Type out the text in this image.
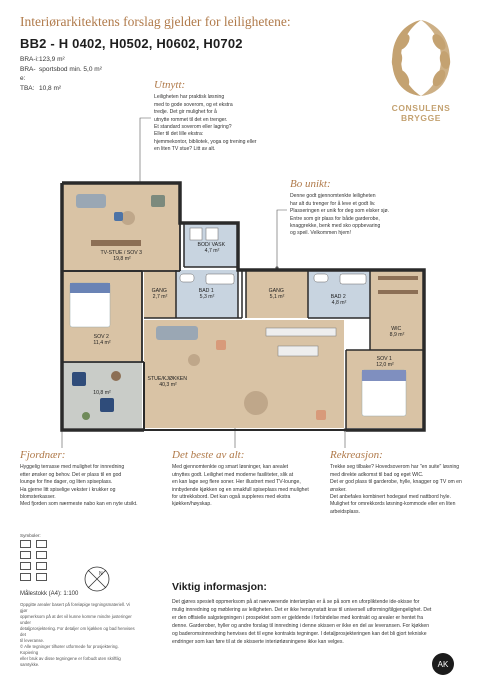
Interiørarkitektens forslag gjelder for leilighetene:
BB2 - H 0402, H0502, H0602, H0702
BRA-i: 123,9 m²
BRA-e:
sportsbod min. 5,0 m²
TBA: 10,8 m²
CONSULENS
BRYGGE
Utnytt:
Leiligheten har praktisk løsning
med to gode soverom, og et ekstra
tredje. Det gir mulighet for å
utnytte rommet til det en trenger.
Et standard soverom eller lagring?
Eller til det lille ekstra:
hjemmekontor, bibliotek, yoga og trening eller
en liten TV stue? Litt av alt.
Bo unikt:
Denne godt gjennomtenkte leiligheten
har alt du trenger for å leve et godt liv.
Plasseringen er unik for deg som elsker sjø.
Entre som gir plass for både garderobe,
knaggrekke, benk med sko oppbevaring
og speil. Velkommen hjem!
Fjordnær:
Hyggelig terrasse med mulighet for innredning
etter ønsker og behov. Det er plass til en god
lounge for fine dager, og liten spiseplass.
Ha gjerne litt spiselige vekster i krukker og blomsterkasser.
Med fjorden som nærmeste nabo kan en nyte utsikt.
Det beste av alt:
Med gjennomtenkte og smart løsninger, kan arealet
utnyttes godt. Leilighet med moderne fasiliteter, slik at
en kan lage seg flere soner. Her illustrert med TV-lounge,
innbydende kjøkken og en smakfull spiseplass med mulighet
for uttrekksbord. Det kan også suppleres med ekstra
kjøkken/høyskap.
Rekreasjon:
Trekke seg tilbake? Hovedsoverom har "en suite" løsning
med direkte adkomst til bad og eget WIC.
Det er god plass til garderobe, hylle, knagger og TV om en ønsker.
Det anbefales kombinert hodegavl med nattbord hyle.
Mulighet for omrekkords løsning-kommode eller en liten
arbeidsplass.
TV-STUE / SOV 3 19,8 m²
BOD/ VASK 4,7 m²
GANG 2,7 m²
BAD 1 5,3 m²
GANG 5,1 m²	BAD 2 4,8 m²
SOV 2 11,4 m²
WIC 8,9 m²
SOV 1 12,0 m²
STUE/KJØKKEN 40,3 m²
10,8 m²
Symboler:
N
Målestokk (A4): 1:100
Oppgitte arealer basert på foreløpige tegningsmateriell. Vi gjør
oppmerksom på at det vil kunne komme mindre justeringer under
detaljprosjektering. For detaljer om kjøkken og bad henvises det
til leveranse.
© Alle tegninger tilhører utformede for prosjektering. Kopiering
eller bruk av disse tegningene er forbudt uten skriftlig samtykke.
Viktig informasjon:

Det gjøres spesielt oppmerksom på at nærværende interiørplan er å se på som en uforpliktende ide-skisse for mulig innredning og møblering av leiligheten. Det er ikke hensynstatt krav til universell utforming/tilgjengelighet. Det er den offisielle salgstegningen i prospektet som er gjeldende i forbindelse med kontrakt og arealer er hentet fra denne. Garderober, hyller og andre forslag til innredning i denne skissen er ikke en del av leveransen. For kjøkken og baderomsinnredning henvises det til egne kontrakts tegninger. I detaljprosjekteringen kan det bli gjort tekniske endringer som kan føre til at de skisserte interiørløsningene ikke kan velges.

AK
